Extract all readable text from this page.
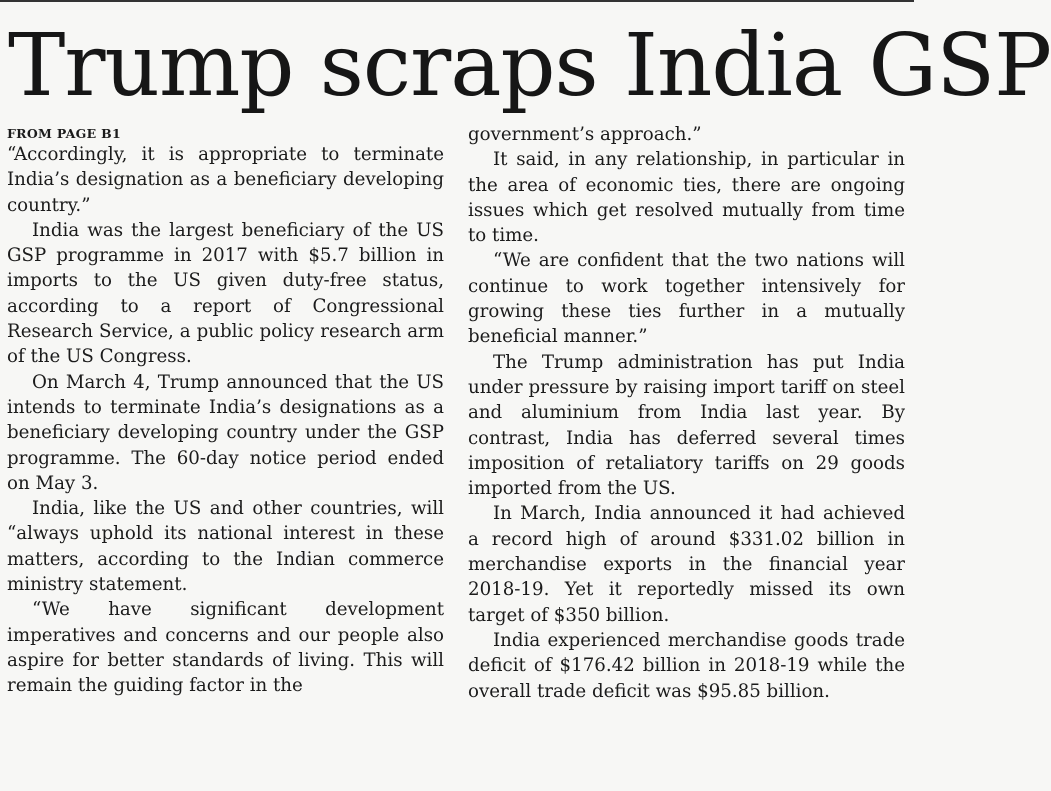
Trump scraps India GSP
FROM PAGE B1

“Accordingly, it is appropriate to terminate India’s designation as a beneficiary developing country.”

India was the largest beneficiary of the US GSP programme in 2017 with $5.7 billion in imports to the US given duty-free status, according to a report of Congressional Research Service, a public policy research arm of the US Congress.

On March 4, Trump announced that the US intends to terminate India’s designations as a beneficiary developing country under the GSP programme. The 60-day notice period ended on May 3.

India, like the US and other countries, will “always uphold its national interest in these matters, according to the Indian commerce ministry statement.

“We have significant development imperatives and concerns and our people also aspire for better standards of living. This will remain the guiding factor in the

government’s approach.”

It said, in any relationship, in particular in the area of economic ties, there are ongoing issues which get resolved mutually from time to time.

“We are confident that the two nations will continue to work together intensively for growing these ties further in a mutually beneficial manner.”

The Trump administration has put India under pressure by raising import tariff on steel and aluminium from India last year. By contrast, India has deferred several times imposition of retaliatory tariffs on 29 goods imported from the US.

In March, India announced it had achieved a record high of around $331.02 billion in merchandise exports in the financial year 2018-19. Yet it reportedly missed its own target of $350 billion.

India experienced merchandise goods trade deficit of $176.42 billion in 2018-19 while the overall trade deficit was $95.85 billion.
